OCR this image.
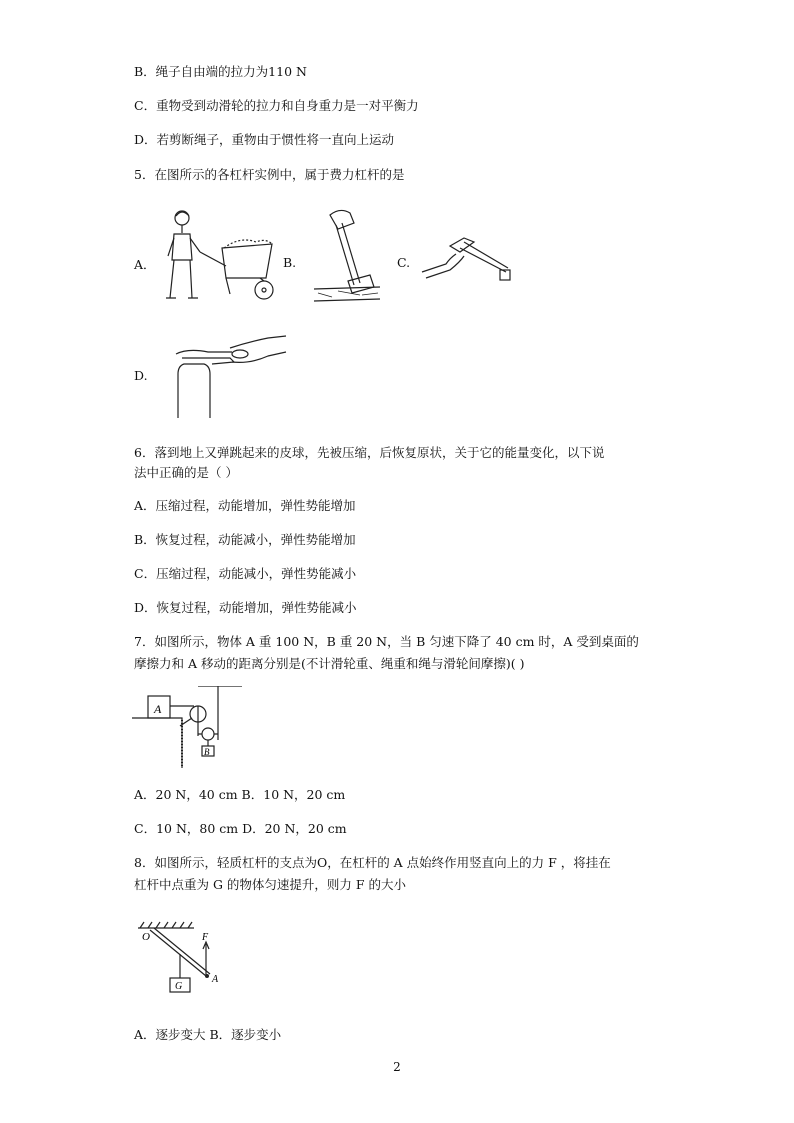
B．绳子自由端的拉力为110 N
C．重物受到动滑轮的拉力和自身重力是一对平衡力
D．若剪断绳子，重物由于惯性将一直向上运动
5．在图所示的各杠杆实例中，属于费力杠杆的是
A．	B.	C.
D.
6．落到地上又弹跳起来的皮球，先被压缩，后恢复原状，关于它的能量变化，以下说
法中正确的是（ ）
A．压缩过程，动能增加，弹性势能增加
B．恢复过程，动能减小，弹性势能增加
C．压缩过程，动能减小，弹性势能减小
D．恢复过程，动能增加，弹性势能减小
7．如图所示，物体 A 重 100 N，B 重 20 N，当 B 匀速下降了 40 cm 时，A 受到桌面的
摩擦力和 A 移动的距离分别是(不计滑轮重、绳重和绳与滑轮间摩擦)( )
A
B
A．20 N，40 cm B．10 N，20 cm
C．10 N，80 cm D．20 N，20 cm
8．如图所示，轻质杠杆的支点为O，在杠杆的 A 点始终作用竖直向上的力 F ，将挂在
杠杆中点重为 G 的物体匀速提升，则力 F 的大小
O	F
A
G
A．逐步变大 B．逐步变小
2
